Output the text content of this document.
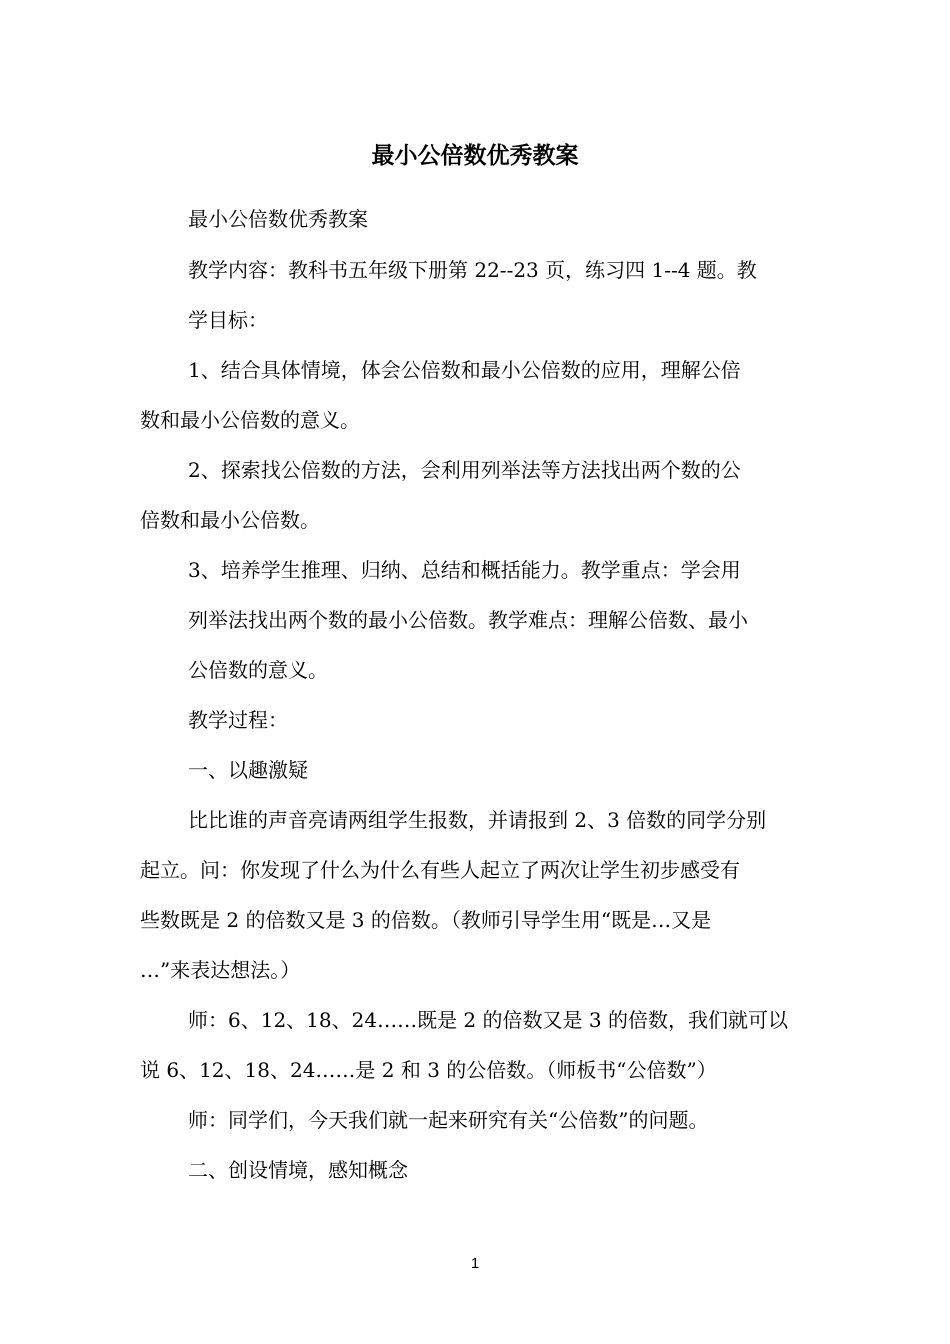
最小公倍数优秀教案
最小公倍数优秀教案
教学内容：教科书五年级下册第 22--23 页，练习四 1--4 题。教
学目标：
1、结合具体情境，体会公倍数和最小公倍数的应用，理解公倍
数和最小公倍数的意义。
2、探索找公倍数的方法，会利用列举法等方法找出两个数的公
倍数和最小公倍数。
3、培养学生推理、归纳、总结和概括能力。教学重点：学会用
列举法找出两个数的最小公倍数。教学难点：理解公倍数、最小
公倍数的意义。
教学过程：
一、以趣激疑
比比谁的声音亮请两组学生报数，并请报到 2、3 倍数的同学分别
起立。问：你发现了什么为什么有些人起立了两次让学生初步感受有
些数既是 2 的倍数又是 3 的倍数。（教师引导学生用“既是…又是
…”来表达想法。）
师：6、12、18、24……既是 2 的倍数又是 3 的倍数，我们就可以
说 6、12、18、24……是 2 和 3 的公倍数。（师板书“公倍数”）
师：同学们，今天我们就一起来研究有关“公倍数”的问题。
二、创设情境，感知概念
1
